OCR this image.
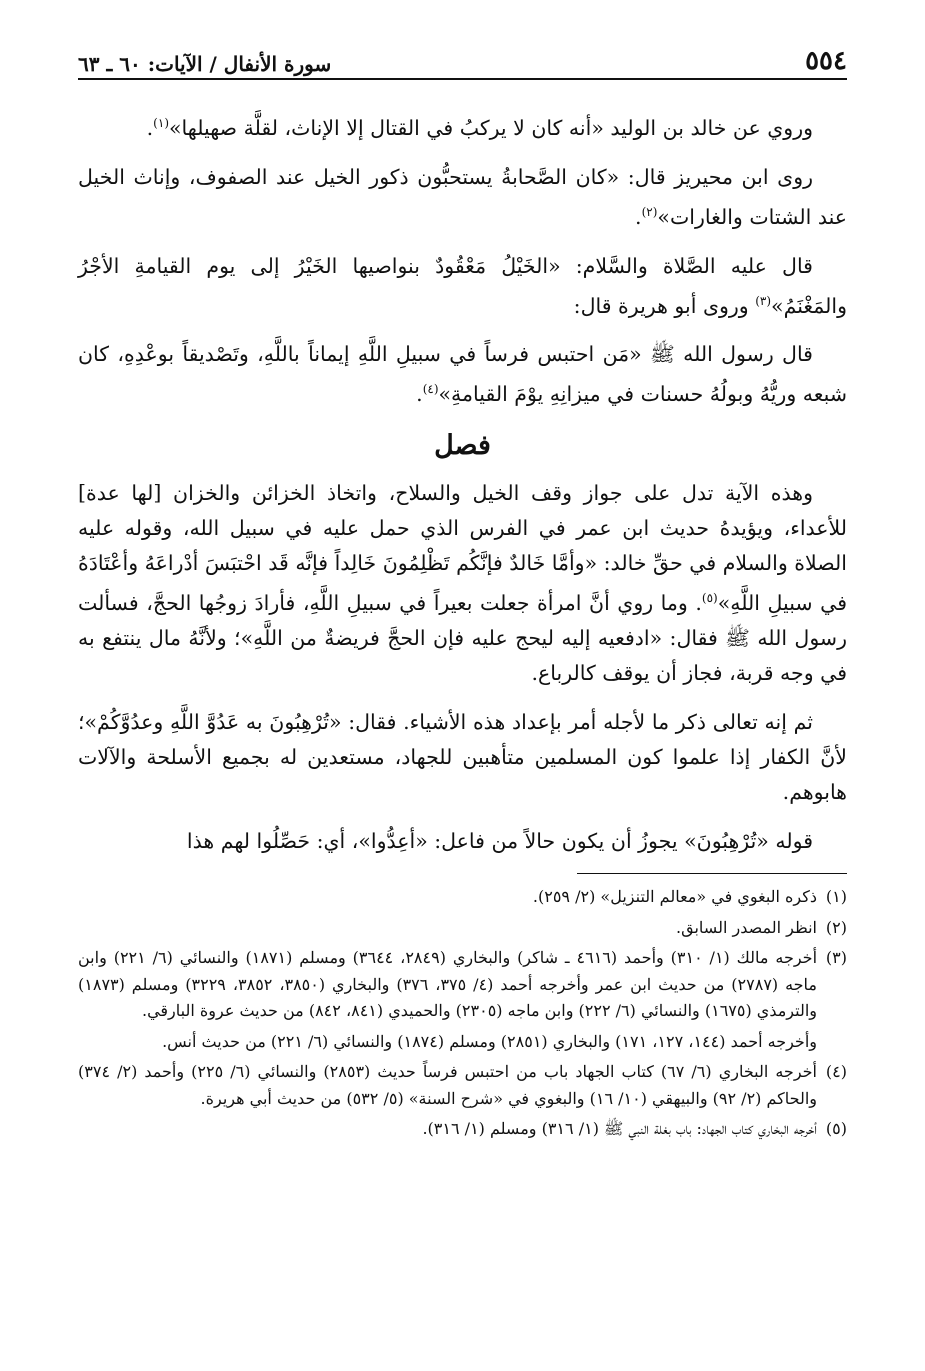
٥٥٤
سورة الأنفال / الآيات: ٦٠ ـ ٦٣

وروي عن خالد بن الوليد «أنه كان لا يركبُ في القتال إلا الإناث، لقلَّة صهيلها»$^{(١)}$.

روى ابن محيريز قال: «كان الصَّحابةُ يستحبُّون ذكور الخيل عند الصفوف، وإناث الخيل عند الشتات والغارات»$^{(٢)}$.

قال عليه الصَّلاة والسَّلام: «الخَيْلُ مَعْقُودٌ بنواصيها الخَيْرُ إلى يوم القيامةِ الأجْرُ والمَغْنَمُ»$^{(٣)}$ وروى أبو هريرة قال:

قال رسول الله ﷺ «مَن احتبس فرساً في سبيلِ اللَّهِ إيماناً باللَّهِ، وتَصْديقاً بوعْدِهِ، كان شبعه وريُّهُ وبولُهُ حسنات في ميزانِهِ يوْمَ القيامةِ»$^{(٤)}$.

فصل

وهذه الآية تدل على جواز وقف الخيل والسلاح، واتخاذ الخزائن والخزان [لها عدة] للأعداء، ويؤيدهُ حديث ابن عمر في الفرس الذي حمل عليه في سبيل الله، وقوله عليه الصلاة والسلام في حقِّ خالد: «وأمَّا خَالدٌ فإنَّكُم تَظْلِمُونَ خَالِداً فإنَّه قَد احْتبَسَ أدْراعَهُ وأعْتَادَهُ في سبيلِ اللَّهِ»$^{(٥)}$. وما روي أنَّ امرأة جعلت بعيراً في سبيلِ اللَّهِ، فأرادَ زوجُها الحجَّ، فسألت رسول الله ﷺ فقال: «ادفعيه إليه ليحج عليه فإن الحجَّ فريضةٌ من اللَّهِ»؛ ولأنَّهُ مال ينتفع به في وجه قربة، فجاز أن يوقف كالرباع.

ثم إنه تعالى ذكر ما لأجله أمر بإعداد هذه الأشياء. فقال: «تُرْهِبُونَ به عَدُوَّ اللَّهِ وعدُوَّكُمْ»؛ لأنَّ الكفار إذا علموا كون المسلمين متأهبين للجهاد، مستعدين له بجميع الأسلحة والآلات هابوهم.

قوله «تُرْهِبُونَ» يجوزُ أن يكون حالاً من فاعل: «أعِدُّوا»، أي: حَصِّلُوا لهم هذا

(١)ذكره البغوي في «معالم التنزيل» (٢/ ٢٥٩).

(٢)انظر المصدر السابق.

(٣)أخرجه مالك (١/ ٣١٠) وأحمد (٤٦١٦ ـ شاكر) والبخاري (٢٨٤٩، ٣٦٤٤) ومسلم (١٨٧١) والنسائي (٦/ ٢٢١) وابن ماجه (٢٧٨٧) من حديث ابن عمر وأخرجه أحمد (٤/ ٣٧٥، ٣٧٦) والبخاري (٣٨٥٠، ٣٨٥٢، ٣٢٢٩) ومسلم (١٨٧٣) والترمذي (١٦٧٥) والنسائي (٦/ ٢٢٢) وابن ماجه (٢٣٠٥) والحميدي (٨٤١، ٨٤٢) من حديث عروة البارقي.

وأخرجه أحمد (١٤٤، ١٢٧، ١٧١) والبخاري (٢٨٥١) ومسلم (١٨٧٤) والنسائي (٦/ ٢٢١) من حديث أنس.

(٤)أخرجه البخاري (٦/ ٦٧) كتاب الجهاد باب من احتبس فرساً حديث (٢٨٥٣) والنسائي (٦/ ٢٢٥) وأحمد (٢/ ٣٧٤) والحاكم (٢/ ٩٢) والبيهقي (١٠/ ١٦) والبغوي في «شرح السنة» (٥/ ٥٣٢) من حديث أبي هريرة.

(٥)أخرجه البخاري كتاب الجهاد: باب بغلة النبي ﷺ (١/ ٣١٦) ومسلم (١/ ٣١٦).
